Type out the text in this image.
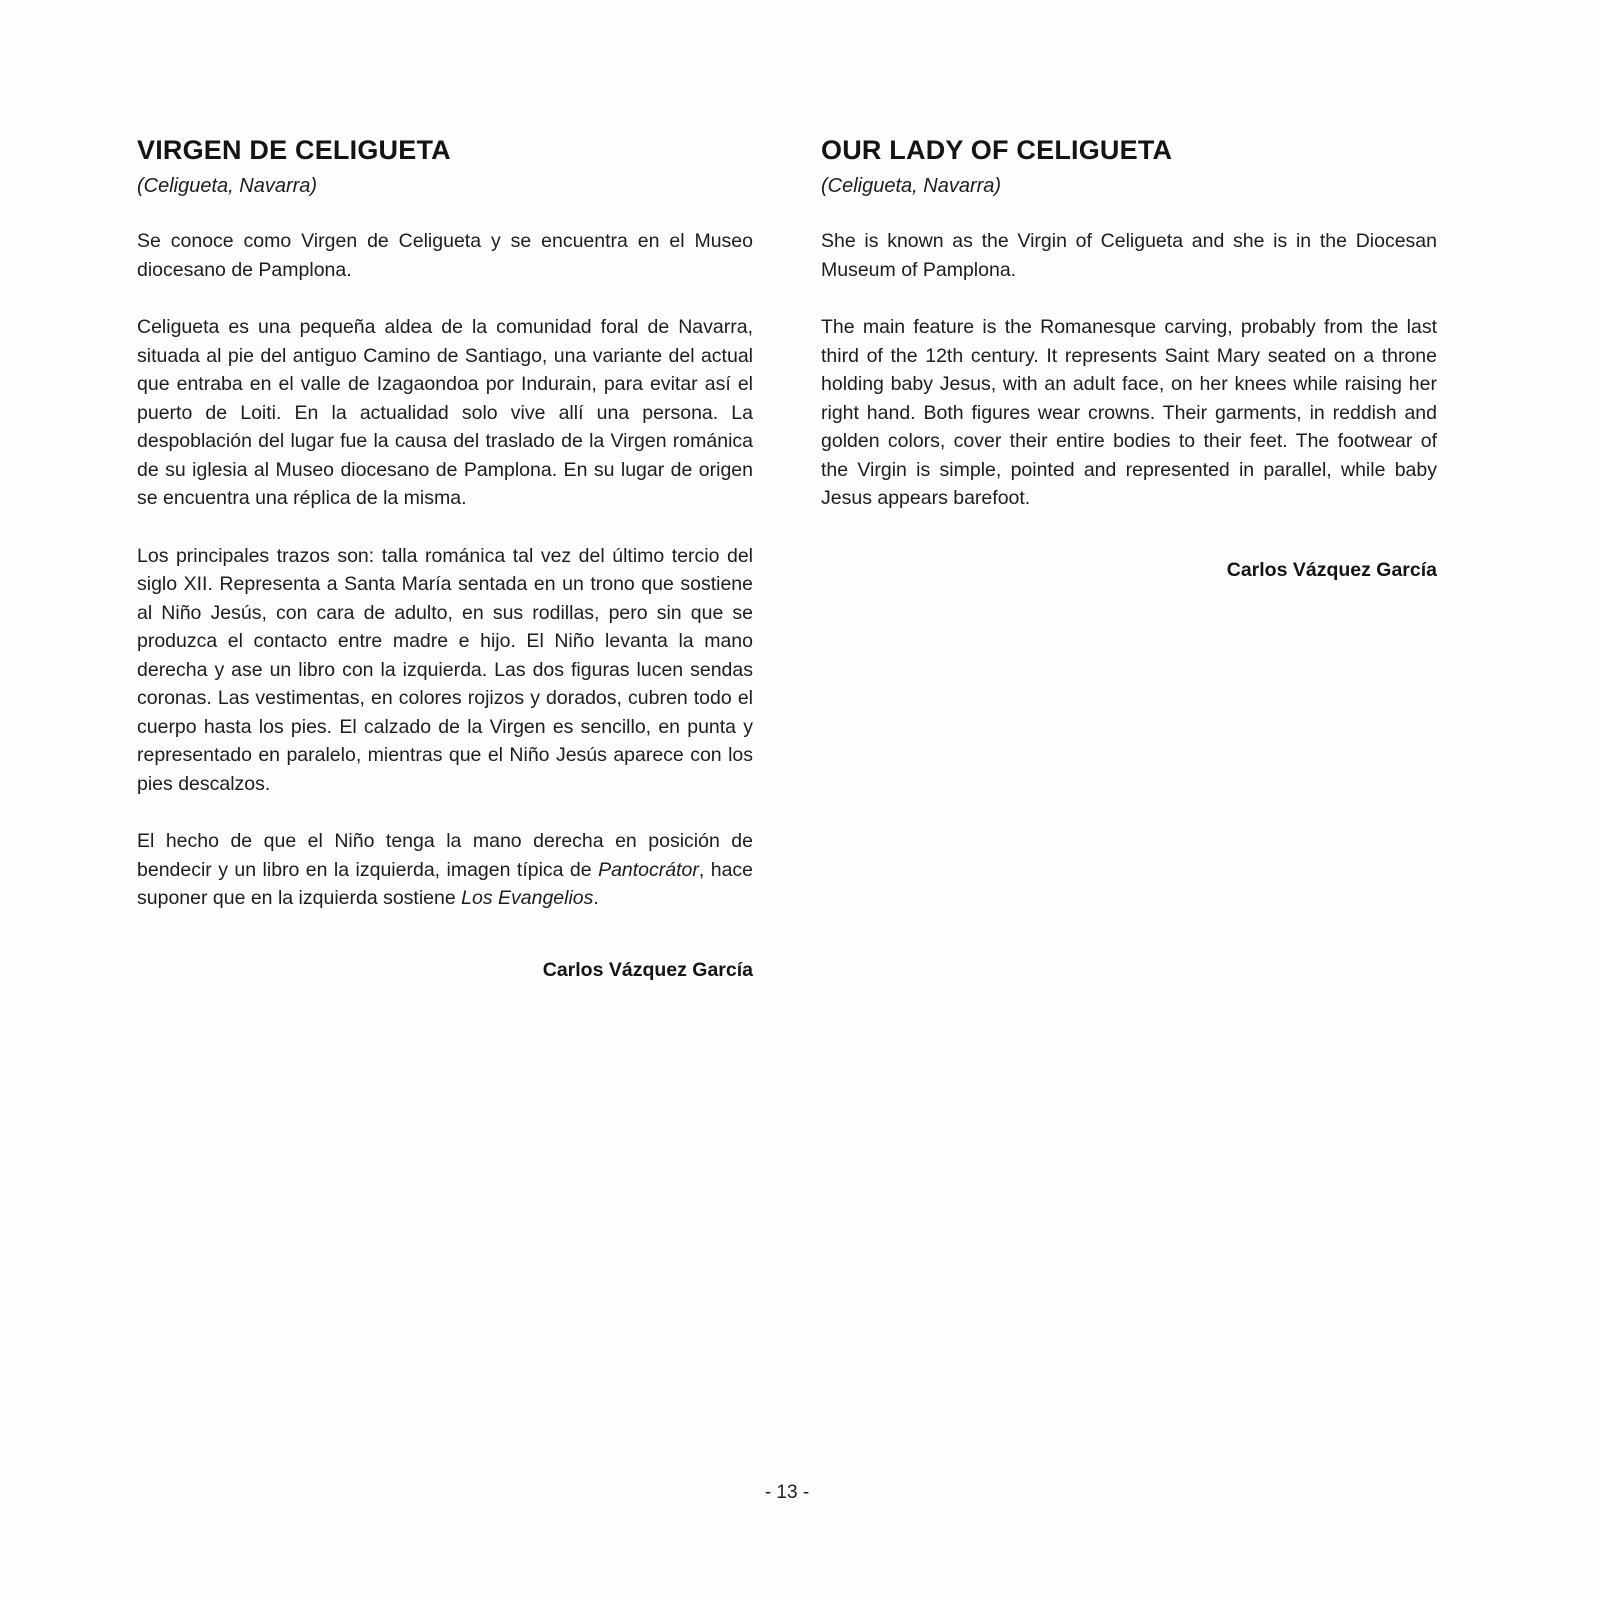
VIRGEN DE CELIGUETA
(Celigueta, Navarra)

Se conoce como Virgen de Celigueta y se encuentra en el Museo diocesano de Pamplona.

Celigueta es una pequeña aldea de la comunidad foral de Navarra, situada al pie del antiguo Camino de Santiago, una variante del actual que entraba en el valle de Izagaondoa por Indurain, para evitar así el puerto de Loiti. En la actualidad solo vive allí una persona. La despoblación del lugar fue la causa del traslado de la Virgen románica de su iglesia al Museo diocesano de Pamplona. En su lugar de origen se encuentra una réplica de la misma.

Los principales trazos son: talla románica tal vez del último tercio del siglo XII. Representa a Santa María sentada en un trono que sostiene al Niño Jesús, con cara de adulto, en sus rodillas, pero sin que se produzca el contacto entre madre e hijo. El Niño levanta la mano derecha y ase un libro con la izquierda. Las dos figuras lucen sendas coronas. Las vestimentas, en colores rojizos y dorados, cubren todo el cuerpo hasta los pies. El calzado de la Virgen es sencillo, en punta y representado en paralelo, mientras que el Niño Jesús aparece con los pies descalzos.

El hecho de que el Niño tenga la mano derecha en posición de bendecir y un libro en la izquierda, imagen típica de Pantocrátor, hace suponer que en la izquierda sostiene Los Evangelios.

Carlos Vázquez García
OUR LADY OF CELIGUETA
(Celigueta, Navarra)

She is known as the Virgin of Celigueta and she is in the Diocesan Museum of Pamplona.

The main feature is the Romanesque carving, probably from the last third of the 12th century. It represents Saint Mary seated on a throne holding baby Jesus, with an adult face, on her knees while raising her right hand. Both figures wear crowns. Their garments, in reddish and golden colors, cover their entire bodies to their feet. The footwear of the Virgin is simple, pointed and represented in parallel, while baby Jesus appears barefoot.

Carlos Vázquez García
- 13 -
